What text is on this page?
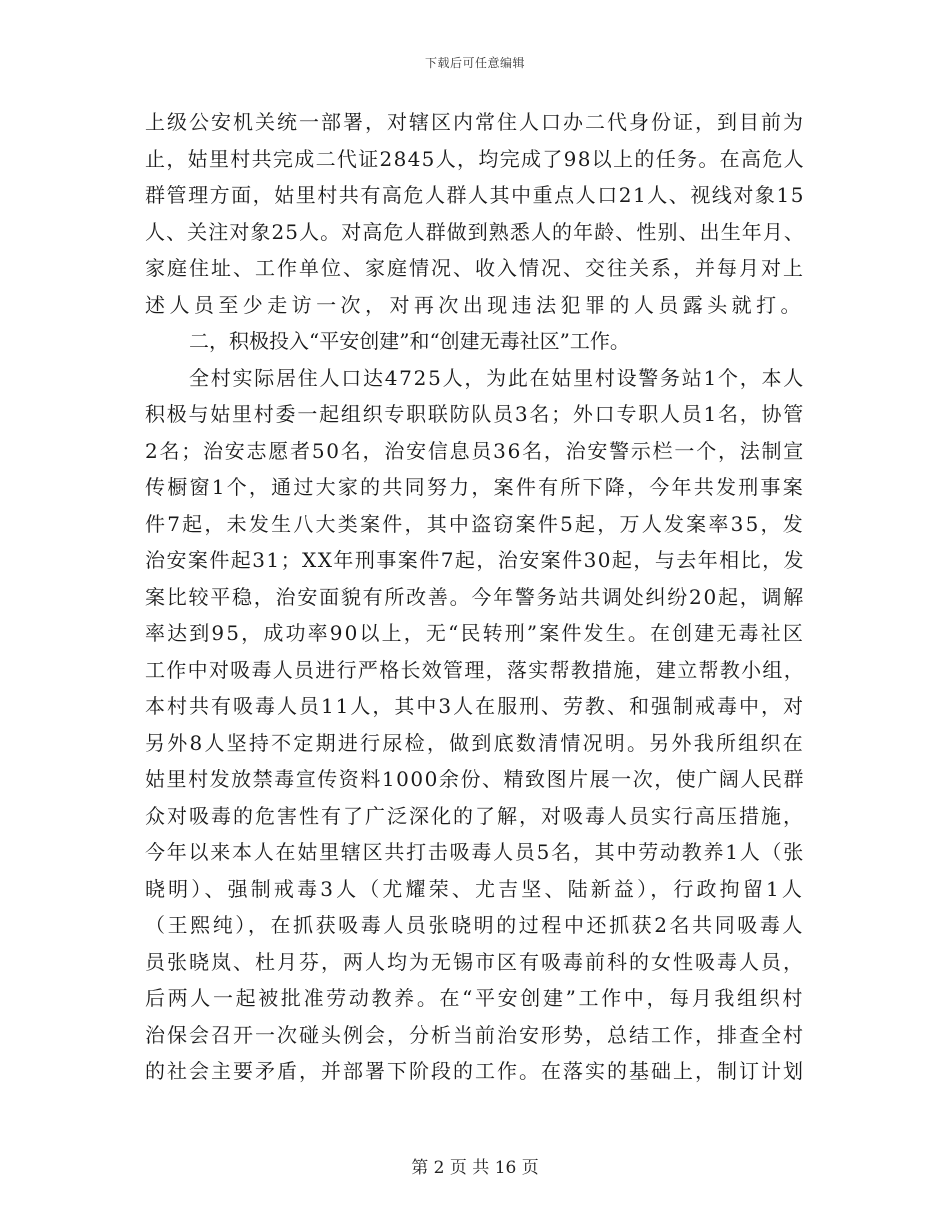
下载后可任意编辑
上级公安机关统一部署，对辖区内常住人口办二代身份证，到目前为
止，姑里村共完成二代证2845人，均完成了98以上的任务。在高危人
群管理方面，姑里村共有高危人群人其中重点人口21人、视线对象15
人、关注对象25人。对高危人群做到熟悉人的年龄、性别、出生年月、
家庭住址、工作单位、家庭情况、收入情况、交往关系，并每月对上
述人员至少走访一次，对再次出现违法犯罪的人员露头就打。
二，积极投入“平安创建”和“创建无毒社区”工作。
全村实际居住人口达4725人，为此在姑里村设警务站1个，本人
积极与姑里村委一起组织专职联防队员3名；外口专职人员1名，协管
2名；治安志愿者50名，治安信息员36名，治安警示栏一个，法制宣
传橱窗1个，通过大家的共同努力，案件有所下降，今年共发刑事案
件7起，未发生八大类案件，其中盗窃案件5起，万人发案率35，发
治安案件起31；XX年刑事案件7起，治安案件30起，与去年相比，发
案比较平稳，治安面貌有所改善。今年警务站共调处纠纷20起，调解
率达到95，成功率90以上，无“民转刑”案件发生。在创建无毒社区
工作中对吸毒人员进行严格长效管理，落实帮教措施，建立帮教小组，
本村共有吸毒人员11人，其中3人在服刑、劳教、和强制戒毒中，对
另外8人坚持不定期进行尿检，做到底数清情况明。另外我所组织在
姑里村发放禁毒宣传资料1000余份、精致图片展一次，使广阔人民群
众对吸毒的危害性有了广泛深化的了解，对吸毒人员实行高压措施，
今年以来本人在姑里辖区共打击吸毒人员5名，其中劳动教养1人（张
晓明）、强制戒毒3人（尤耀荣、尤吉坚、陆新益），行政拘留1人
（王熙纯），在抓获吸毒人员张晓明的过程中还抓获2名共同吸毒人
员张晓岚、杜月芬，两人均为无锡市区有吸毒前科的女性吸毒人员，
后两人一起被批准劳动教养。在“平安创建”工作中，每月我组织村
治保会召开一次碰头例会，分析当前治安形势，总结工作，排查全村
的社会主要矛盾，并部署下阶段的工作。在落实的基础上，制订计划
第 2 页 共 16 页
